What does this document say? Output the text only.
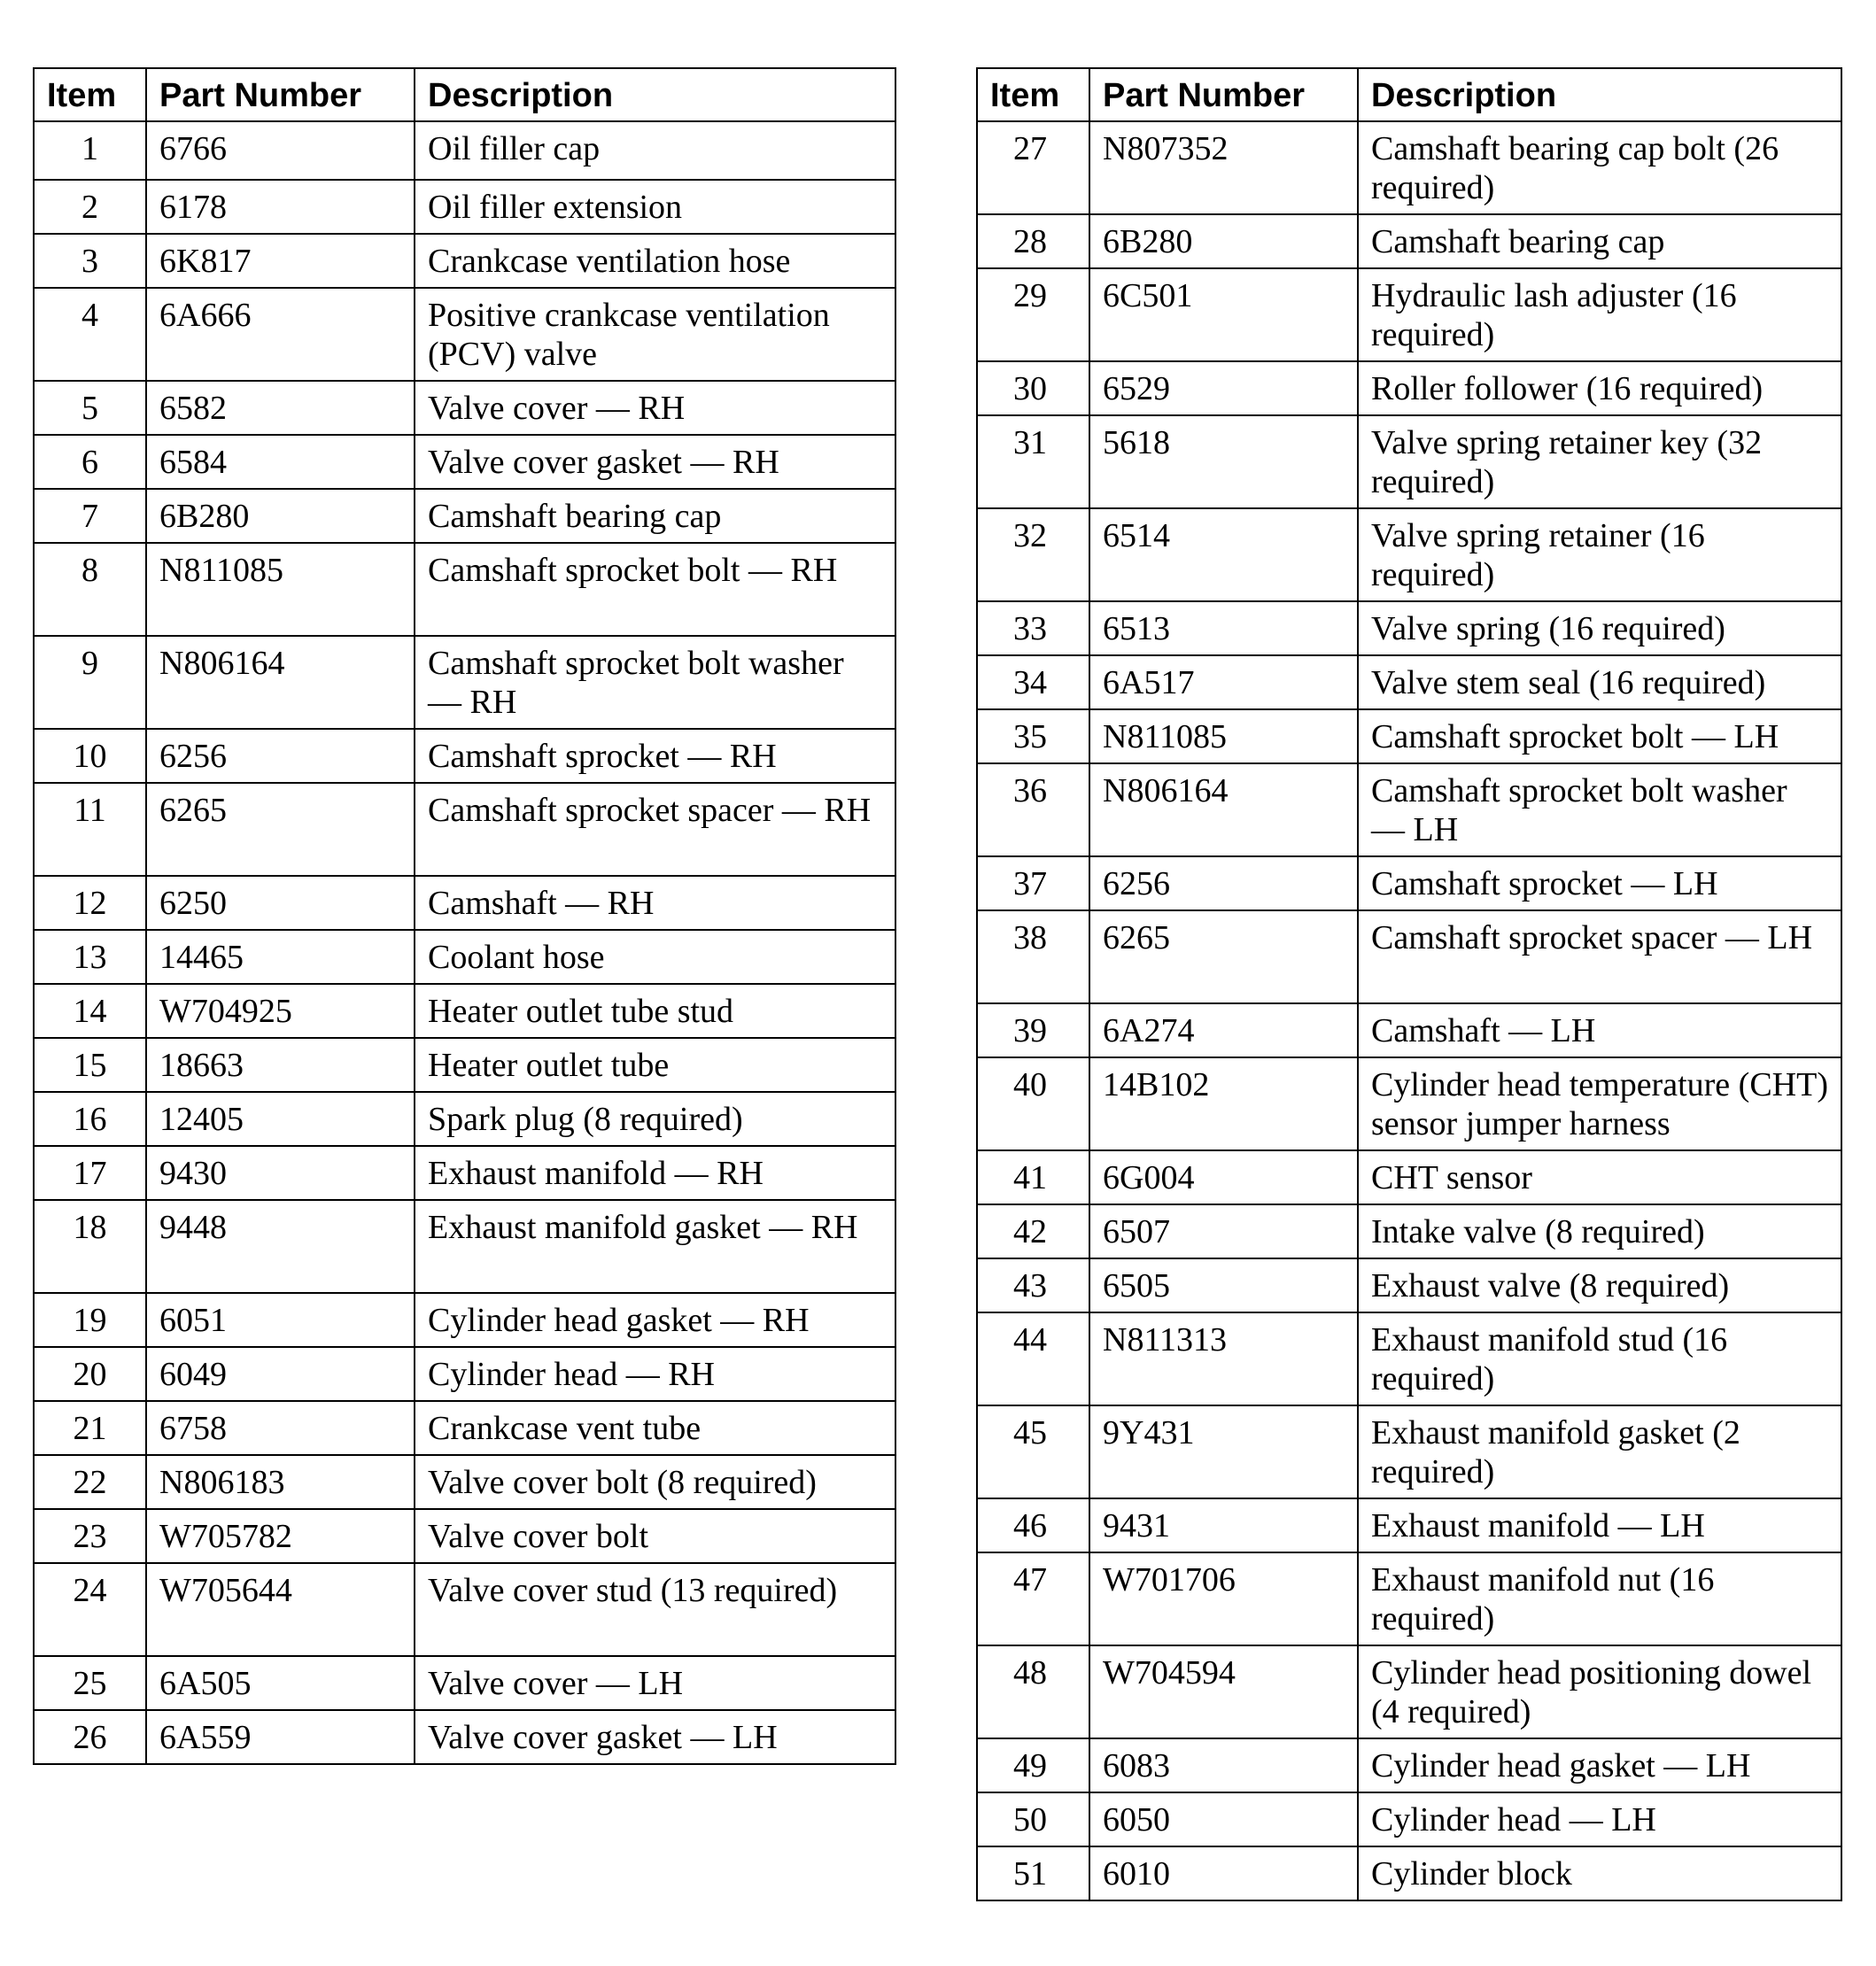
Item	Part Number	Description
1	6766	Oil filler cap
2	6178	Oil filler extension
3	6K817	Crankcase ventilation hose
4	6A666	Positive crankcase ventilation (PCV) valve
5	6582	Valve cover — RH
6	6584	Valve cover gasket — RH
7	6B280	Camshaft bearing cap
8	N811085	Camshaft sprocket bolt — RH
9	N806164	Camshaft sprocket bolt washer — RH
10	6256	Camshaft sprocket — RH
11	6265	Camshaft sprocket spacer — RH
12	6250	Camshaft — RH
13	14465	Coolant hose
14	W704925	Heater outlet tube stud
15	18663	Heater outlet tube
16	12405	Spark plug (8 required)
17	9430	Exhaust manifold — RH
18	9448	Exhaust manifold gasket — RH
19	6051	Cylinder head gasket — RH
20	6049	Cylinder head — RH
21	6758	Crankcase vent tube
22	N806183	Valve cover bolt (8 required)
23	W705782	Valve cover bolt
24	W705644	Valve cover stud (13 required)
25	6A505	Valve cover — LH
26	6A559	Valve cover gasket — LH
Item	Part Number	Description
27	N807352	Camshaft bearing cap bolt (26 required)
28	6B280	Camshaft bearing cap
29	6C501	Hydraulic lash adjuster (16 required)
30	6529	Roller follower (16 required)
31	5618	Valve spring retainer key (32 required)
32	6514	Valve spring retainer (16 required)
33	6513	Valve spring (16 required)
34	6A517	Valve stem seal (16 required)
35	N811085	Camshaft sprocket bolt — LH
36	N806164	Camshaft sprocket bolt washer — LH
37	6256	Camshaft sprocket — LH
38	6265	Camshaft sprocket spacer — LH
39	6A274	Camshaft — LH
40	14B102	Cylinder head temperature (CHT) sensor jumper harness
41	6G004	CHT sensor
42	6507	Intake valve (8 required)
43	6505	Exhaust valve (8 required)
44	N811313	Exhaust manifold stud (16 required)
45	9Y431	Exhaust manifold gasket (2 required)
46	9431	Exhaust manifold — LH
47	W701706	Exhaust manifold nut (16 required)
48	W704594	Cylinder head positioning dowel (4 required)
49	6083	Cylinder head gasket — LH
50	6050	Cylinder head — LH
51	6010	Cylinder block
